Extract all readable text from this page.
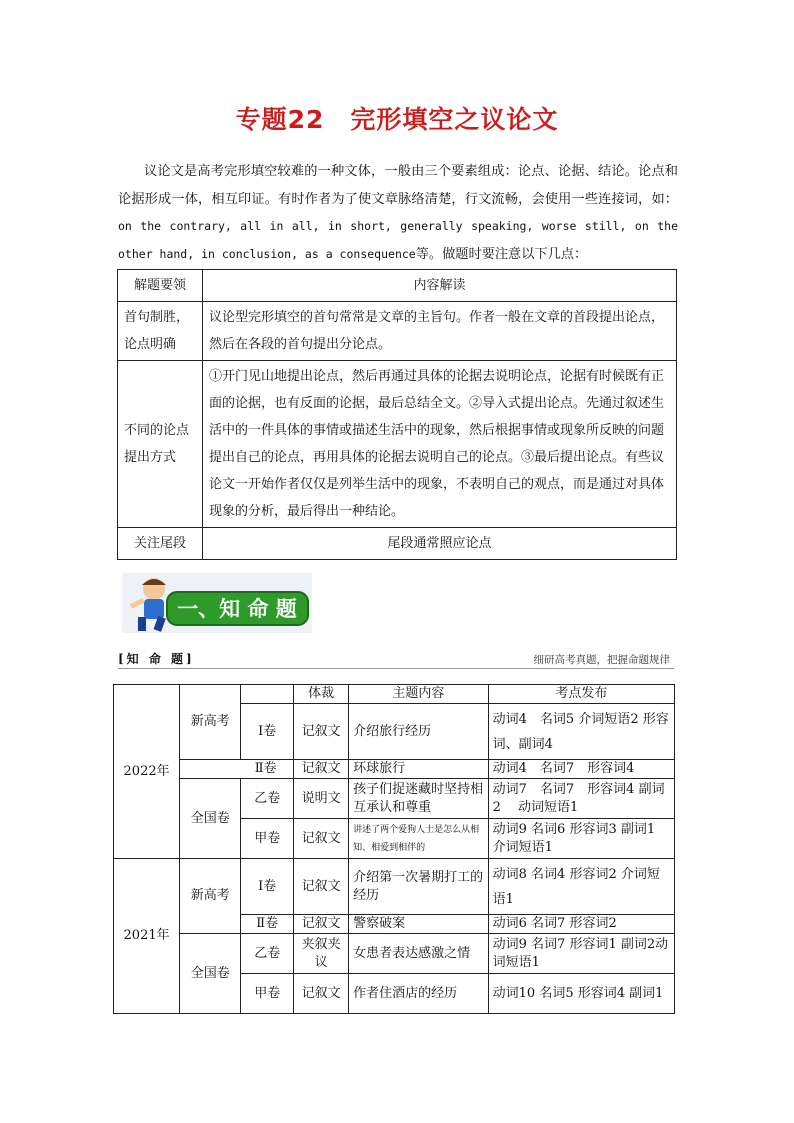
专题22　完形填空之议论文
议论文是高考完形填空较难的一种文体，一般由三个要素组成：论点、论据、结论。论点和论据形成一体，相互印证。有时作者为了使文章脉络清楚，行文流畅，会使用一些连接词，如：on the contrary, all in all, in short, generally speaking, worse still, on the other hand, in conclusion, as a consequence等。做题时要注意以下几点：
解题要领	内容解读
首句制胜，论点明确	议论型完形填空的首句常常是文章的主旨句。作者一般在文章的首段提出论点，然后在各段的首句提出分论点。
不同的论点提出方式	①开门见山地提出论点，然后再通过具体的论据去说明论点，论据有时候既有正面的论据，也有反面的论据，最后总结全文。②导入式提出论点。先通过叙述生活中的一件具体的事情或描述生活中的现象，然后根据事情或现象所反映的问题提出自己的论点，再用具体的论据去说明自己的论点。③最后提出论点。有些议论文一开始作者仅仅是列举生活中的现象，不表明自己的观点，而是通过对具体现象的分析，最后得出一种结论。
关注尾段	尾段通常照应论点
一、知 命 题
[知 命 题]	细研高考真题，把握命题规律
2022年	新高考		体裁	主题内容	考点发布
		Ⅰ卷	记叙文	介绍旅行经历	动词4　名词5 介词短语2 形容词、副词4
	Ⅱ卷		记叙文	环球旅行	动词4　名词7　形容词4
	全国卷	乙卷	说明文	孩子们捉迷藏时坚持相互承认和尊重	动词7　名词7　形容词4 副词2　 动词短语1
		甲卷	记叙文	讲述了两个爱狗人士是怎么从相知、相爱到相伴的	动词9 名词6 形容词3 副词1 介词短语1
2021年	新高考	Ⅰ卷	记叙文	介绍第一次暑期打工的经历	动词8 名词4 形容词2 介词短语1
		Ⅱ卷	记叙文	警察破案	动词6 名词7 形容词2
	全国卷	乙卷	夹叙夹议	女患者表达感激之情	动词9 名词7 形容词1 副词2动词短语1
		甲卷	记叙文	作者住酒店的经历	动词10 名词5 形容词4 副词1
